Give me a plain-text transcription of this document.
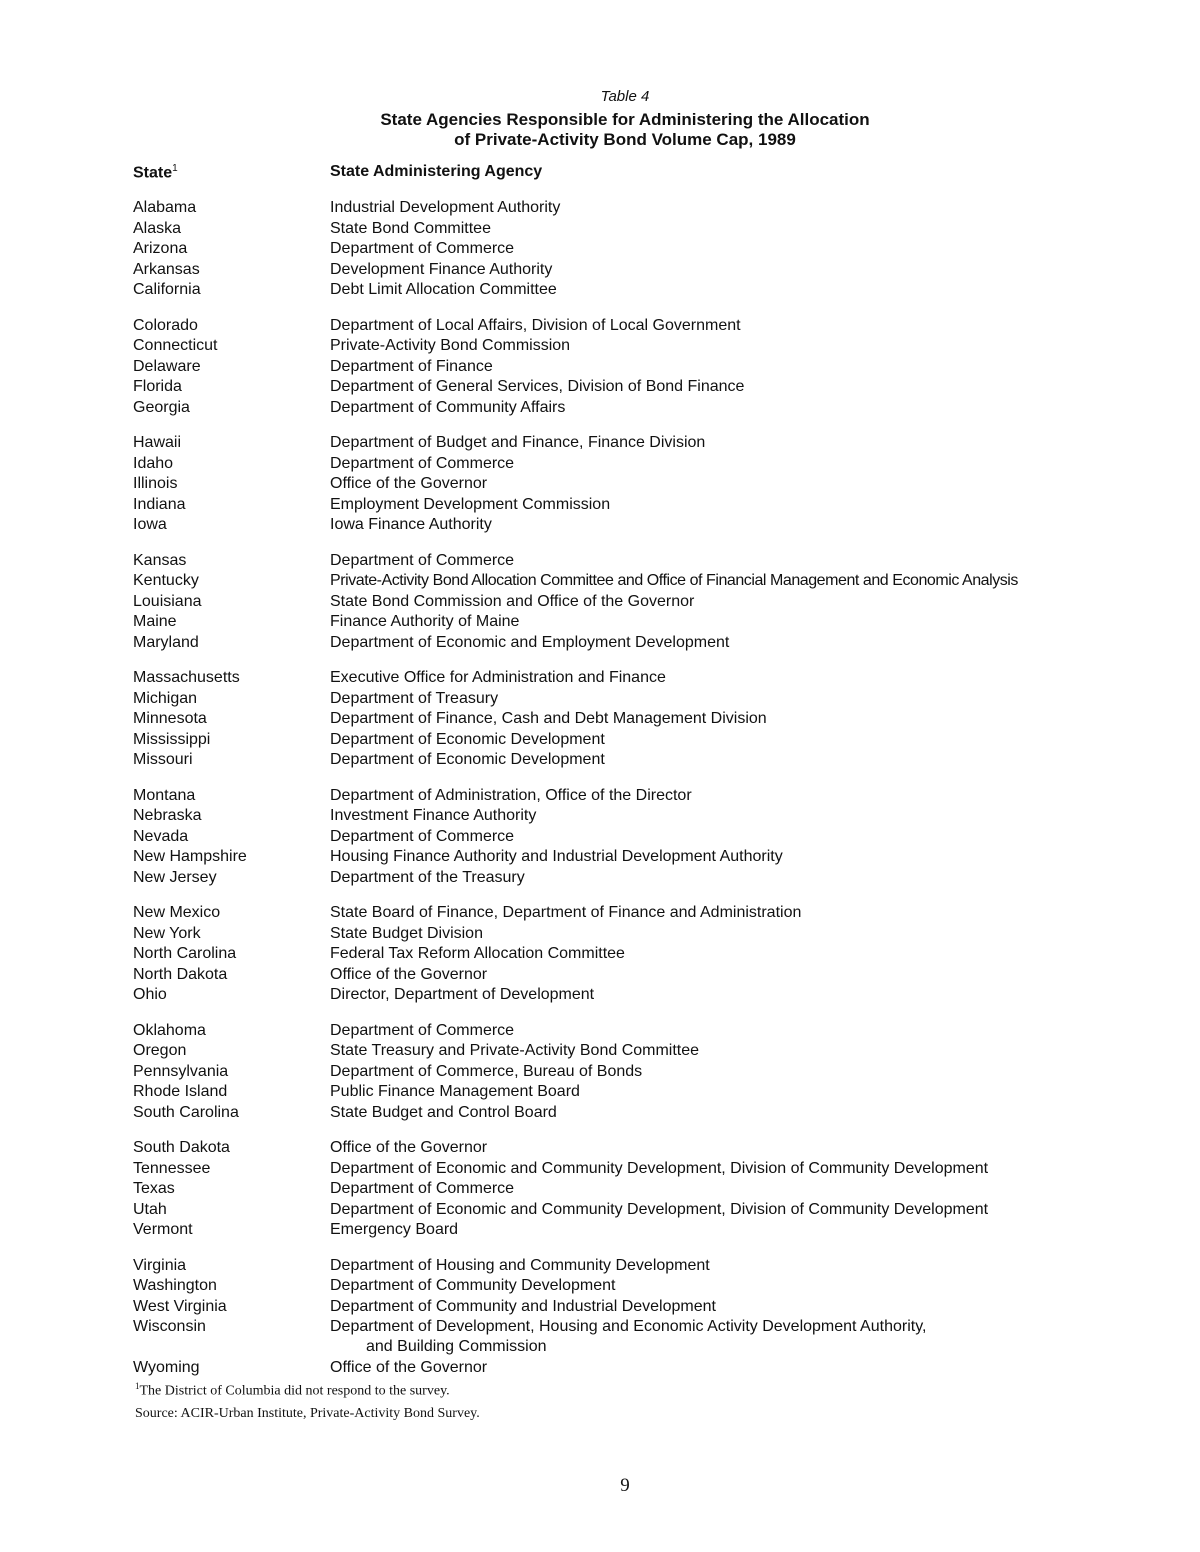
Table 4
State Agencies Responsible for Administering the Allocation
of Private-Activity Bond Volume Cap, 1989
State$^1$	State Administering Agency
Alabama	Industrial Development Authority
Alaska	State Bond Committee
Arizona	Department of Commerce
Arkansas	Development Finance Authority
California	Debt Limit Allocation Committee
Colorado	Department of Local Affairs, Division of Local Government
Connecticut	Private-Activity Bond Commission
Delaware	Department of Finance
Florida	Department of General Services, Division of Bond Finance
Georgia	Department of Community Affairs
Hawaii	Department of Budget and Finance, Finance Division
Idaho	Department of Commerce
Illinois	Office of the Governor
Indiana	Employment Development Commission
Iowa	Iowa Finance Authority
Kansas	Department of Commerce
Kentucky	Private-Activity Bond Allocation Committee and Office of Financial Management and Economic Analysis
Louisiana	State Bond Commission and Office of the Governor
Maine	Finance Authority of Maine
Maryland	Department of Economic and Employment Development
Massachusetts	Executive Office for Administration and Finance
Michigan	Department of Treasury
Minnesota	Department of Finance, Cash and Debt Management Division
Mississippi	Department of Economic Development
Missouri	Department of Economic Development
Montana	Department of Administration, Office of the Director
Nebraska	Investment Finance Authority
Nevada	Department of Commerce
New Hampshire	Housing Finance Authority and Industrial Development Authority
New Jersey	Department of the Treasury
New Mexico	State Board of Finance, Department of Finance and Administration
New York	State Budget Division
North Carolina	Federal Tax Reform Allocation Committee
North Dakota	Office of the Governor
Ohio	Director, Department of Development
Oklahoma	Department of Commerce
Oregon	State Treasury and Private-Activity Bond Committee
Pennsylvania	Department of Commerce, Bureau of Bonds
Rhode Island	Public Finance Management Board
South Carolina	State Budget and Control Board
South Dakota	Office of the Governor
Tennessee	Department of Economic and Community Development, Division of Community Development
Texas	Department of Commerce
Utah	Department of Economic and Community Development, Division of Community Development
Vermont	Emergency Board
Virginia	Department of Housing and Community Development
Washington	Department of Community Development
West Virginia	Department of Community and Industrial Development
Wisconsin	Department of Development, Housing and Economic Activity Development Authority,
and Building Commission
Wyoming	Office of the Governor
$^1$The District of Columbia did not respond to the survey.
Source: ACIR-Urban Institute, Private-Activity Bond Survey.
9
